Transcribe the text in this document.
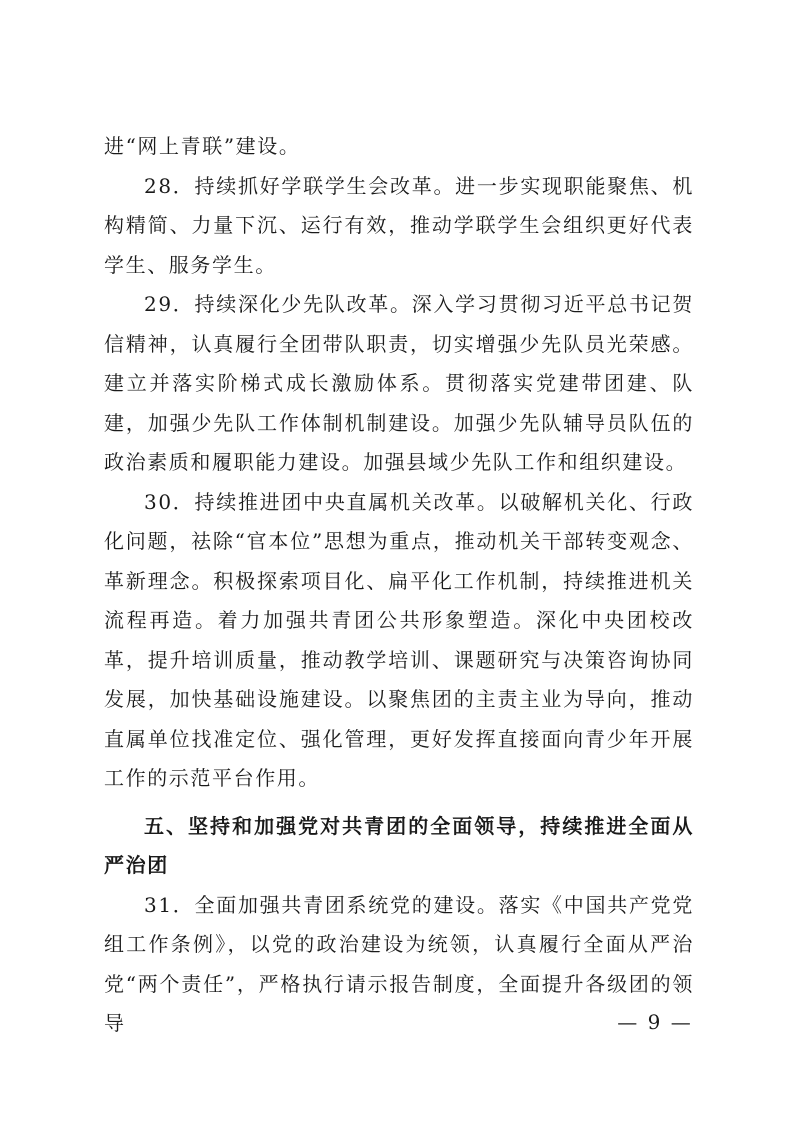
进“网上青联”建设。

28．持续抓好学联学生会改革。进一步实现职能聚焦、机构精简、力量下沉、运行有效，推动学联学生会组织更好代表学生、服务学生。

29．持续深化少先队改革。深入学习贯彻习近平总书记贺信精神，认真履行全团带队职责，切实增强少先队员光荣感。建立并落实阶梯式成长激励体系。贯彻落实党建带团建、队建，加强少先队工作体制机制建设。加强少先队辅导员队伍的政治素质和履职能力建设。加强县域少先队工作和组织建设。

30．持续推进团中央直属机关改革。以破解机关化、行政化问题，祛除“官本位”思想为重点，推动机关干部转变观念、革新理念。积极探索项目化、扁平化工作机制，持续推进机关流程再造。着力加强共青团公共形象塑造。深化中央团校改革，提升培训质量，推动教学培训、课题研究与决策咨询协同发展，加快基础设施建设。以聚焦团的主责主业为导向，推动直属单位找准定位、强化管理，更好发挥直接面向青少年开展工作的示范平台作用。

五、坚持和加强党对共青团的全面领导，持续推进全面从严治团

31．全面加强共青团系统党的建设。落实《中国共产党党组工作条例》，以党的政治建设为统领，认真履行全面从严治党“两个责任”，严格执行请示报告制度，全面提升各级团的领导	— 9 —
